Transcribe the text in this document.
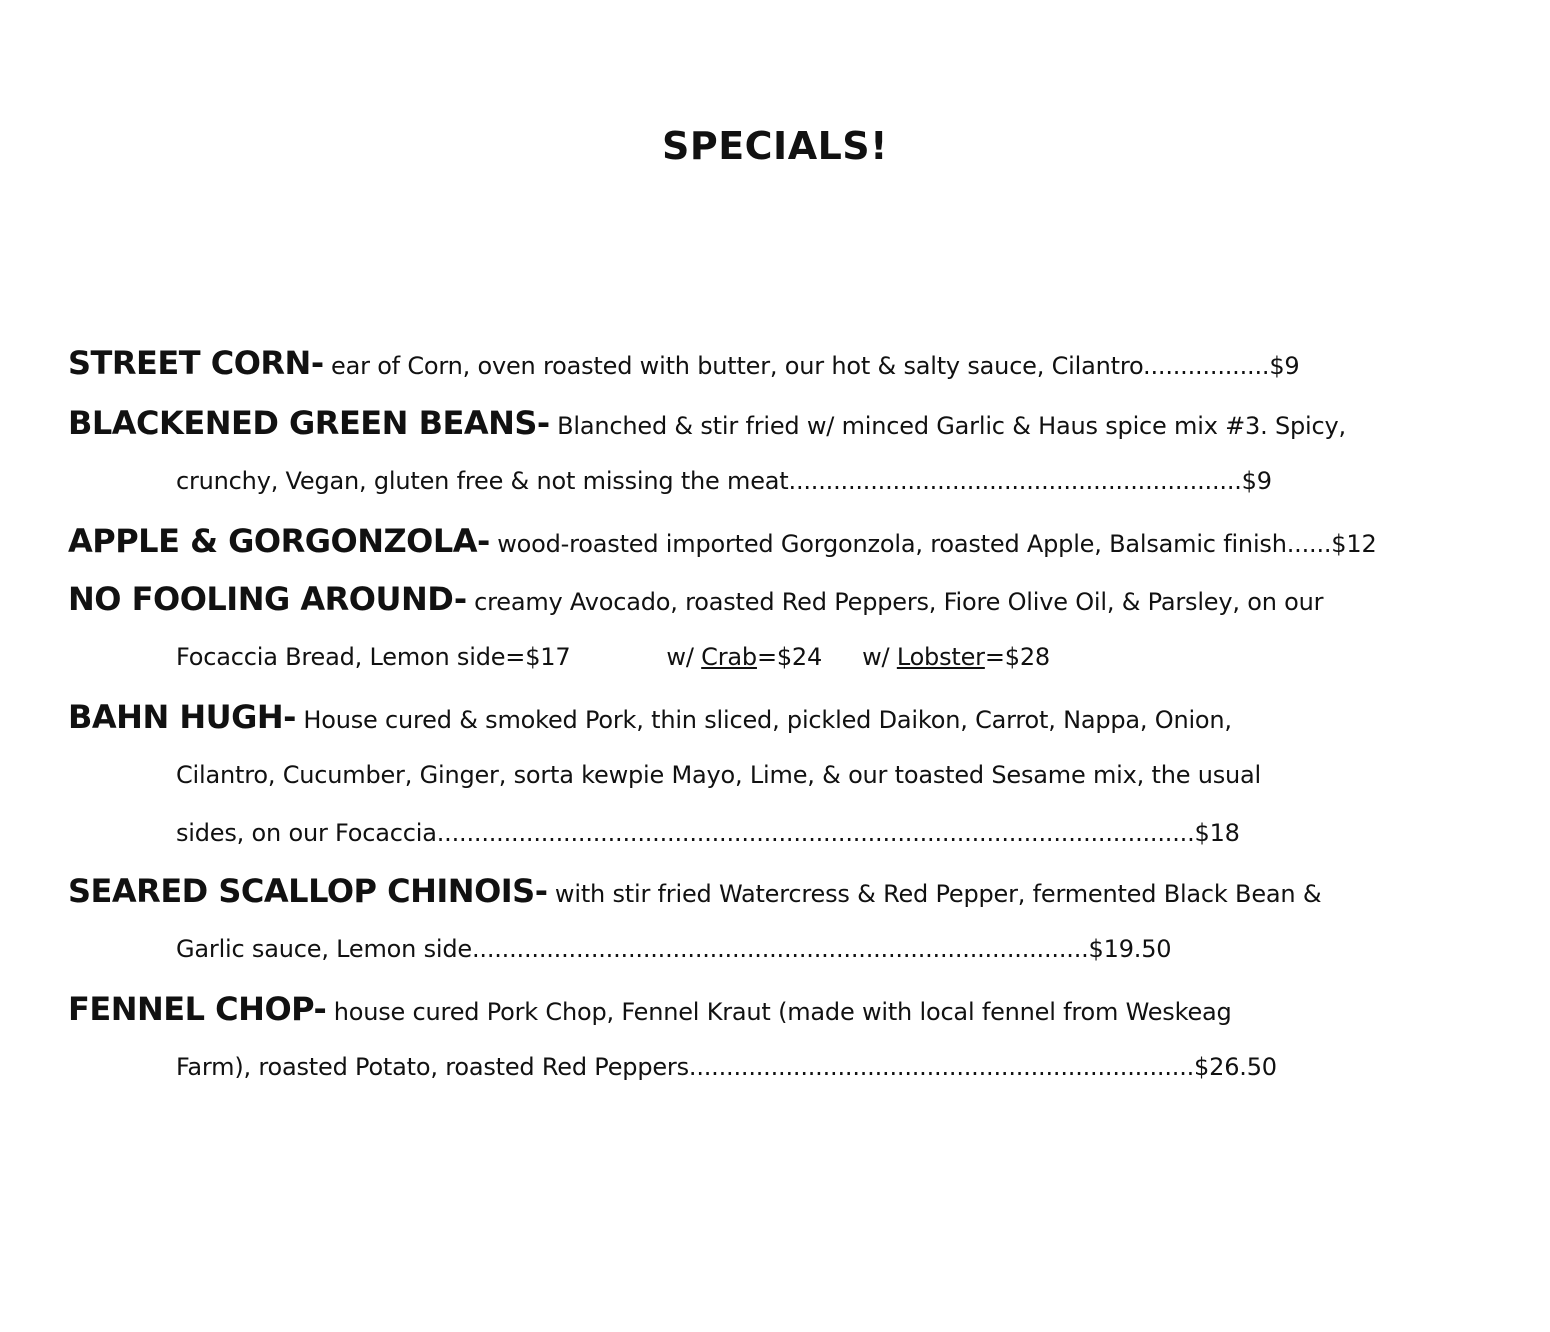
SPECIALS!
STREET CORN- ear of Corn, oven roasted with butter, our hot & salty sauce, Cilantro.................$9
BLACKENED GREEN BEANS- Blanched & stir fried w/ minced Garlic & Haus spice mix #3. Spicy,
crunchy, Vegan, gluten free & not missing the meat.............................................................$9
APPLE & GORGONZOLA- wood-roasted imported Gorgonzola, roasted Apple, Balsamic finish......$12
NO FOOLING AROUND- creamy Avocado, roasted Red Peppers, Fiore Olive Oil, & Parsley, on our
Focaccia Bread, Lemon side=$17	w/ Crab=$24 w/ Lobster=$28
BAHN HUGH- House cured & smoked Pork, thin sliced, pickled Daikon, Carrot, Nappa, Onion,
Cilantro, Cucumber, Ginger, sorta kewpie Mayo, Lime, & our toasted Sesame mix, the usual
sides, on our Focaccia......................................................................................................$18
SEARED SCALLOP CHINOIS- with stir fried Watercress & Red Pepper, fermented Black Bean &
Garlic sauce, Lemon side...................................................................................$19.50
FENNEL CHOP- house cured Pork Chop, Fennel Kraut (made with local fennel from Weskeag
Farm), roasted Potato, roasted Red Peppers....................................................................$26.50
